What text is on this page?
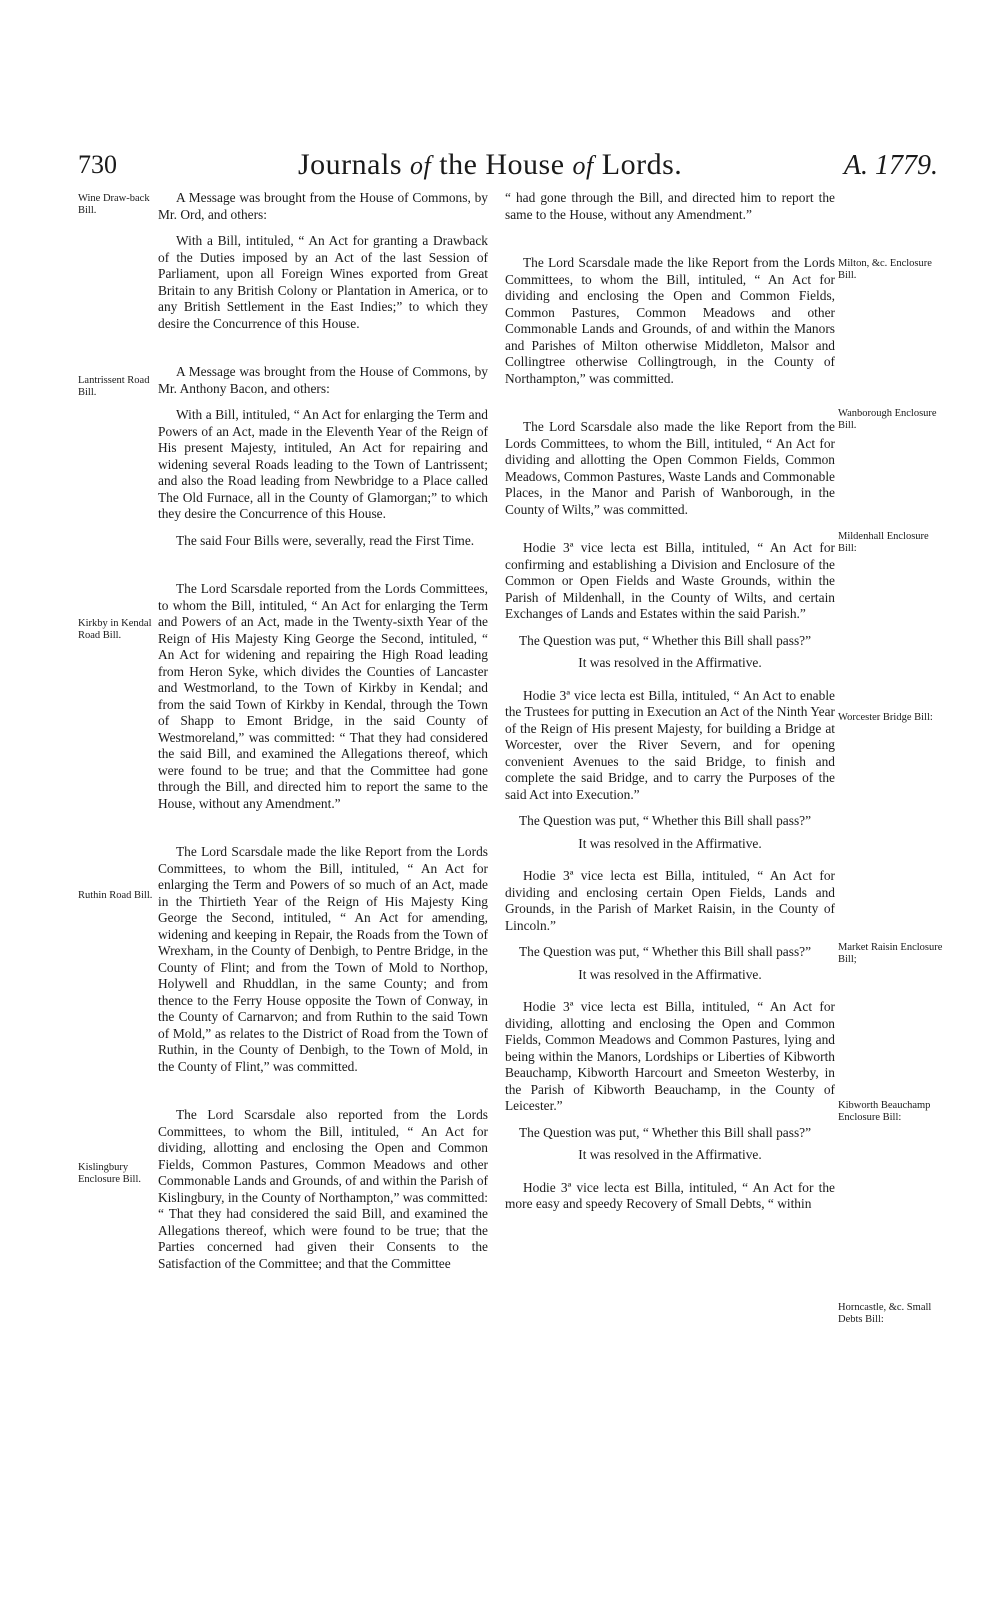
730	Journals of the House of Lords.	A. 1779.
Wine Draw-back Bill.
Lantrissent Road Bill.
Kirkby in Kendal Road Bill.
Ruthin Road Bill.
Kislingbury Enclosure Bill.
Milton, &c. Enclosure Bill.
Wanborough Enclosure Bill.
Mildenhall Enclosure Bill:
Worcester Bridge Bill:
Market Raisin Enclosure Bill;
Kibworth Beauchamp Enclosure Bill:
Horncastle, &c. Small Debts Bill:

A Message was brought from the House of Commons, by Mr. Ord, and others:

With a Bill, intituled, “ An Act for granting a Drawback of the Duties imposed by an Act of the last Session of Parliament, upon all Foreign Wines exported from Great Britain to any British Colony or Plantation in America, or to any British Settlement in the East Indies;” to which they desire the Concurrence of this House.

A Message was brought from the House of Commons, by Mr. Anthony Bacon, and others:

With a Bill, intituled, “ An Act for enlarging the Term and Powers of an Act, made in the Eleventh Year of the Reign of His present Majesty, intituled, An Act for repairing and widening several Roads leading to the Town of Lantrissent; and also the Road leading from Newbridge to a Place called The Old Furnace, all in the County of Glamorgan;” to which they desire the Concurrence of this House.

The said Four Bills were, severally, read the First Time.

The Lord Scarsdale reported from the Lords Committees, to whom the Bill, intituled, “ An Act for enlarging the Term and Powers of an Act, made in the Twenty-sixth Year of the Reign of His Majesty King George the Second, intituled, “ An Act for widening and repairing the High Road leading from Heron Syke, which divides the Counties of Lancaster and Westmorland, to the Town of Kirkby in Kendal; and from the said Town of Kirkby in Kendal, through the Town of Shapp to Emont Bridge, in the said County of Westmoreland,” was committed: “ That they had considered the said Bill, and examined the Allegations thereof, which were found to be true; and that the Committee had gone through the Bill, and directed him to report the same to the House, without any Amendment.”

The Lord Scarsdale made the like Report from the Lords Committees, to whom the Bill, intituled, “ An Act for enlarging the Term and Powers of so much of an Act, made in the Thirtieth Year of the Reign of His Majesty King George the Second, intituled, “ An Act for amending, widening and keeping in Repair, the Roads from the Town of Wrexham, in the County of Denbigh, to Pentre Bridge, in the County of Flint; and from the Town of Mold to Northop, Holywell and Rhuddlan, in the same County; and from thence to the Ferry House opposite the Town of Conway, in the County of Carnarvon; and from Ruthin to the said Town of Mold,” as relates to the District of Road from the Town of Ruthin, in the County of Denbigh, to the Town of Mold, in the County of Flint,” was committed.

The Lord Scarsdale also reported from the Lords Committees, to whom the Bill, intituled, “ An Act for dividing, allotting and enclosing the Open and Common Fields, Common Pastures, Common Meadows and other Commonable Lands and Grounds, of and within the Parish of Kislingbury, in the County of Northampton,” was committed: “ That they had considered the said Bill, and examined the Allegations thereof, which were found to be true; that the Parties concerned had given their Consents to the Satisfaction of the Committee; and that the Committee

“ had gone through the Bill, and directed him to report the same to the House, without any Amendment.”

The Lord Scarsdale made the like Report from the Lords Committees, to whom the Bill, intituled, “ An Act for dividing and enclosing the Open and Common Fields, Common Pastures, Common Meadows and other Commonable Lands and Grounds, of and within the Manors and Parishes of Milton otherwise Middleton, Malsor and Collingtree otherwise Collingtrough, in the County of Northampton,” was committed.

The Lord Scarsdale also made the like Report from the Lords Committees, to whom the Bill, intituled, “ An Act for dividing and allotting the Open Common Fields, Common Meadows, Common Pastures, Waste Lands and Commonable Places, in the Manor and Parish of Wanborough, in the County of Wilts,” was committed.

Hodie 3ª vice lecta est Billa, intituled, “ An Act for confirming and establishing a Division and Enclosure of the Common or Open Fields and Waste Grounds, within the Parish of Mildenhall, in the County of Wilts, and certain Exchanges of Lands and Estates within the said Parish.”

The Question was put, “ Whether this Bill shall pass?”

It was resolved in the Affirmative.

Hodie 3ª vice lecta est Billa, intituled, “ An Act to enable the Trustees for putting in Execution an Act of the Ninth Year of the Reign of His present Majesty, for building a Bridge at Worcester, over the River Severn, and for opening convenient Avenues to the said Bridge, to finish and complete the said Bridge, and to carry the Purposes of the said Act into Execution.”

The Question was put, “ Whether this Bill shall pass?”

It was resolved in the Affirmative.

Hodie 3ª vice lecta est Billa, intituled, “ An Act for dividing and enclosing certain Open Fields, Lands and Grounds, in the Parish of Market Raisin, in the County of Lincoln.”

The Question was put, “ Whether this Bill shall pass?”

It was resolved in the Affirmative.

Hodie 3ª vice lecta est Billa, intituled, “ An Act for dividing, allotting and enclosing the Open and Common Fields, Common Meadows and Common Pastures, lying and being within the Manors, Lordships or Liberties of Kibworth Beauchamp, Kibworth Harcourt and Smeeton Westerby, in the Parish of Kibworth Beauchamp, in the County of Leicester.”

The Question was put, “ Whether this Bill shall pass?”

It was resolved in the Affirmative.

Hodie 3ª vice lecta est Billa, intituled, “ An Act for the more easy and speedy Recovery of Small Debts, “ within
